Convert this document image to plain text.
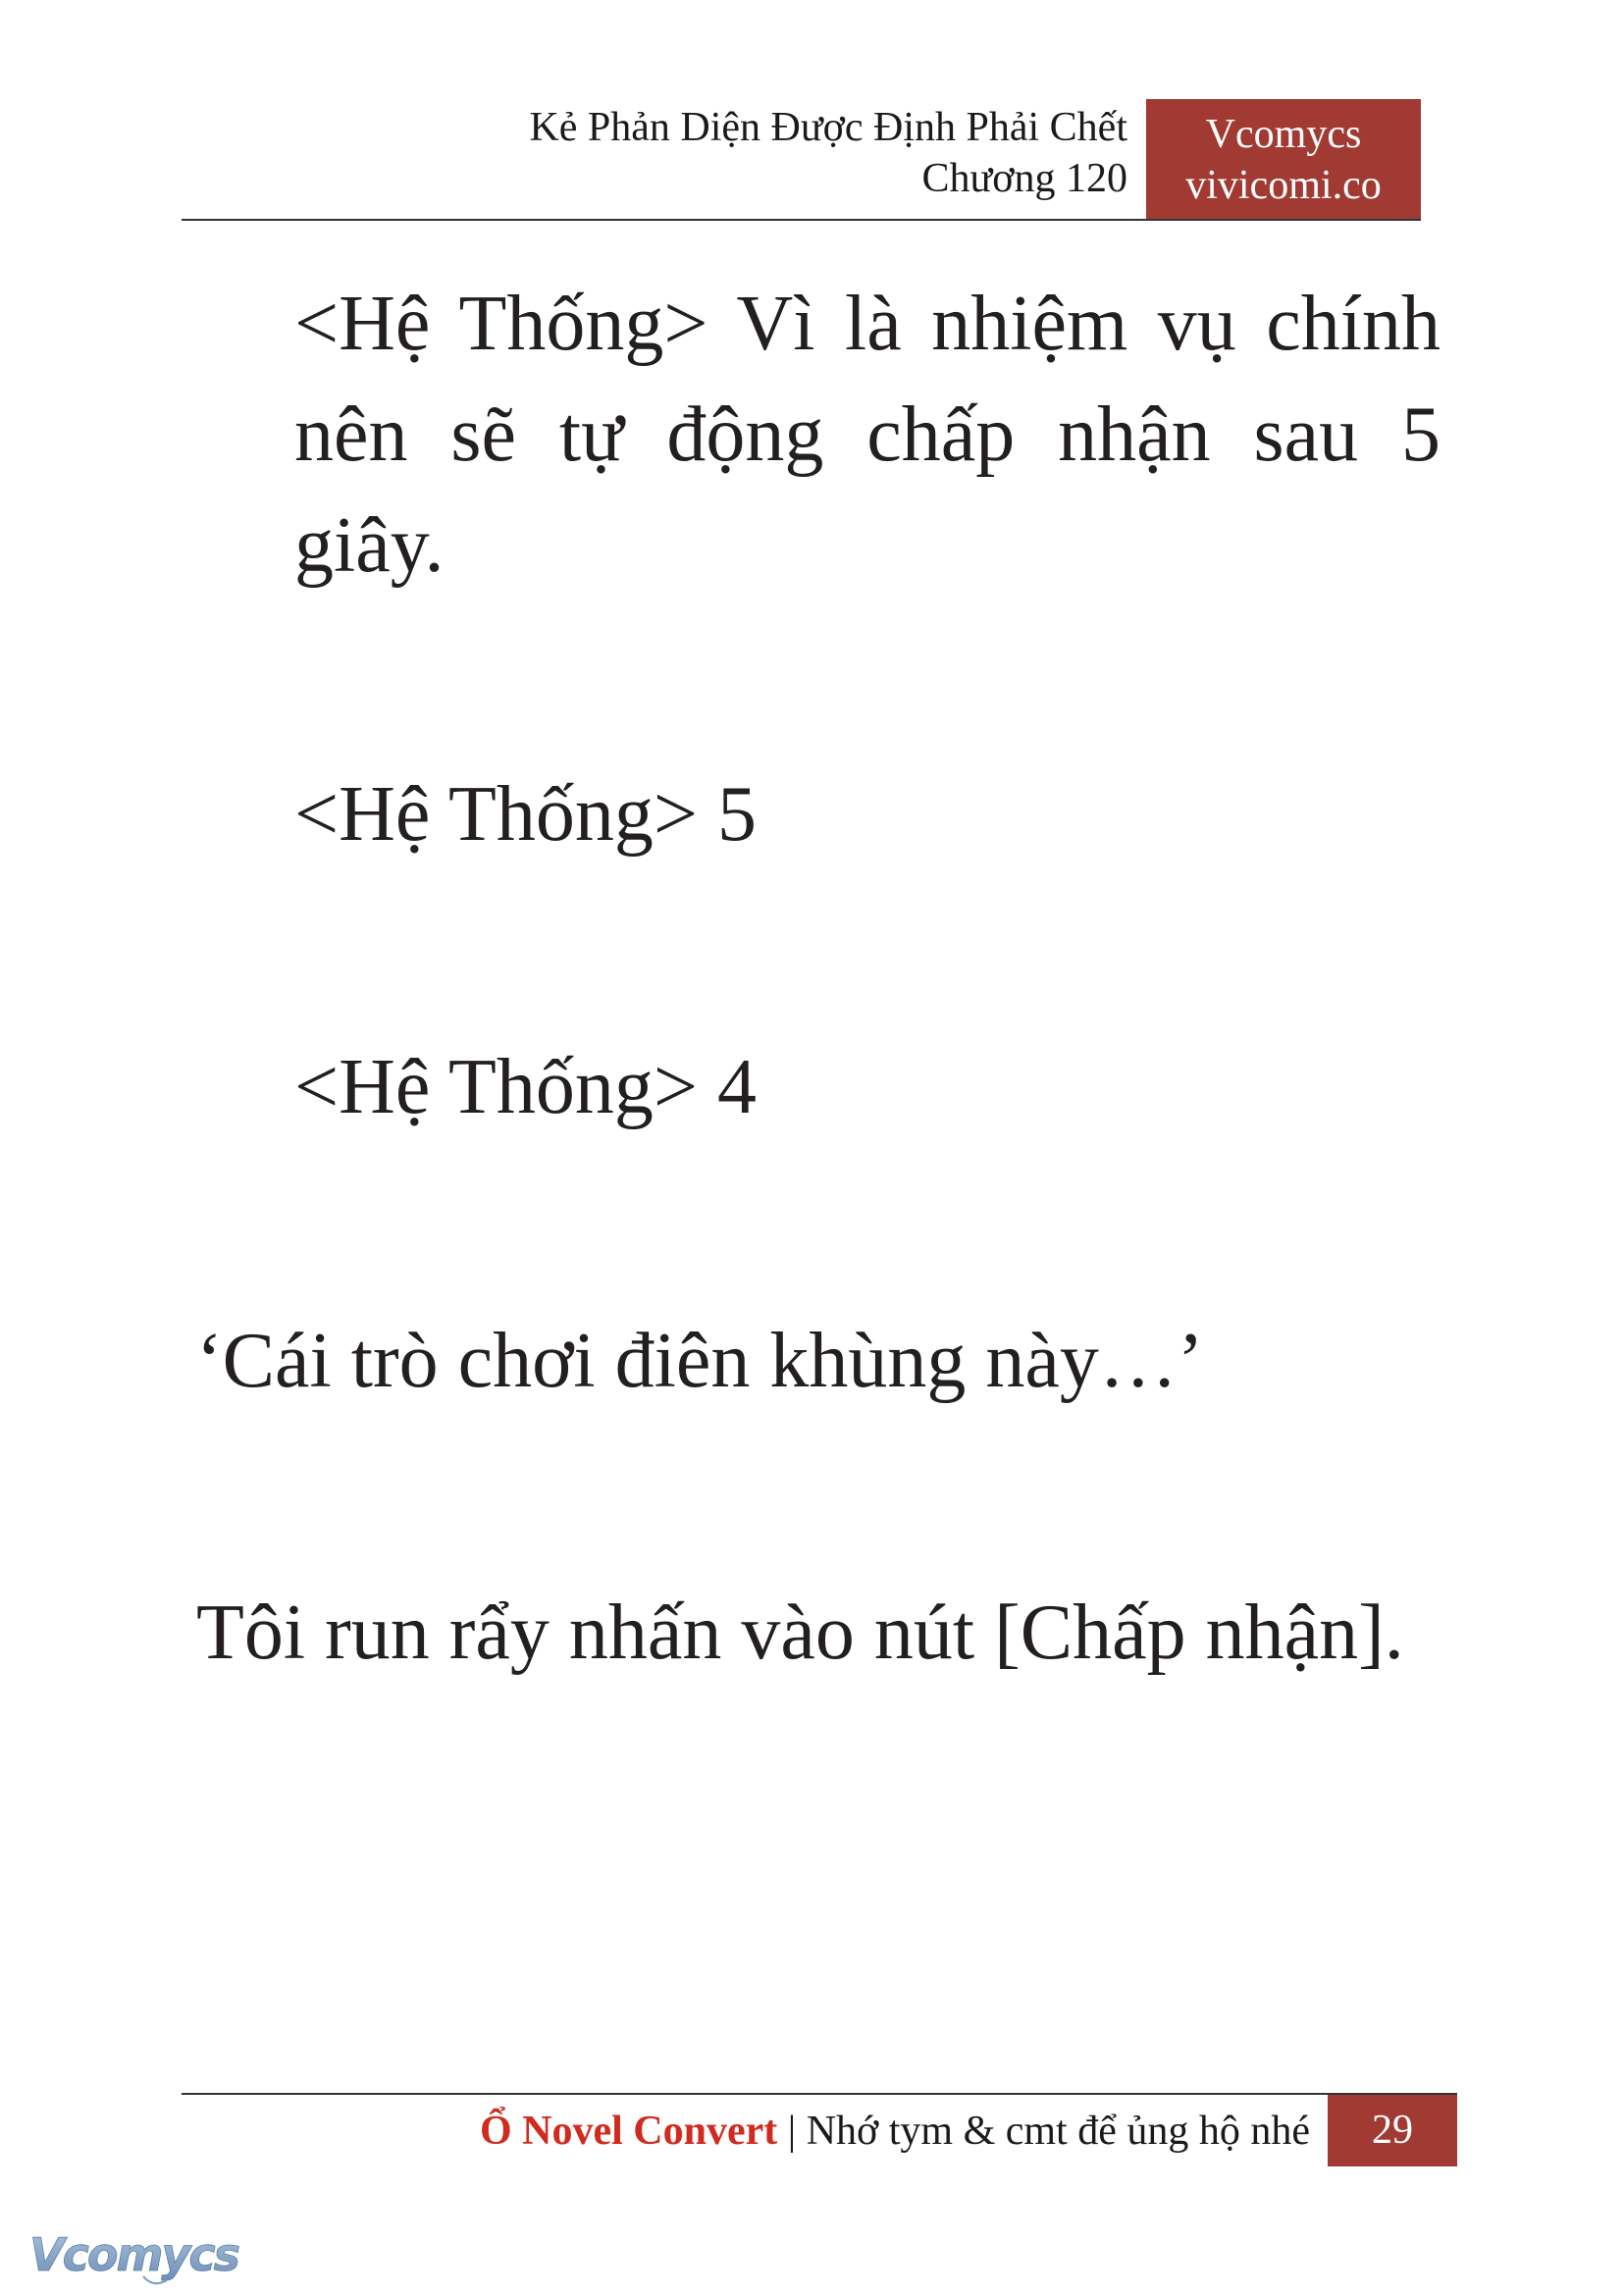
Kẻ Phản Diện Được Định Phải Chết
Chương 120
Vcomycs
vivicomi.co

<Hệ Thống> Vì là nhiệm vụ chính nên sẽ tự động chấp nhận sau 5 giây.

<Hệ Thống> 5

<Hệ Thống> 4

‘Cái trò chơi điên khùng này…’

Tôi run rẩy nhấn vào nút [Chấp nhận].

Ổ Novel Convert | Nhớ tym & cmt để ủng hộ nhé	29
Vcomycs
